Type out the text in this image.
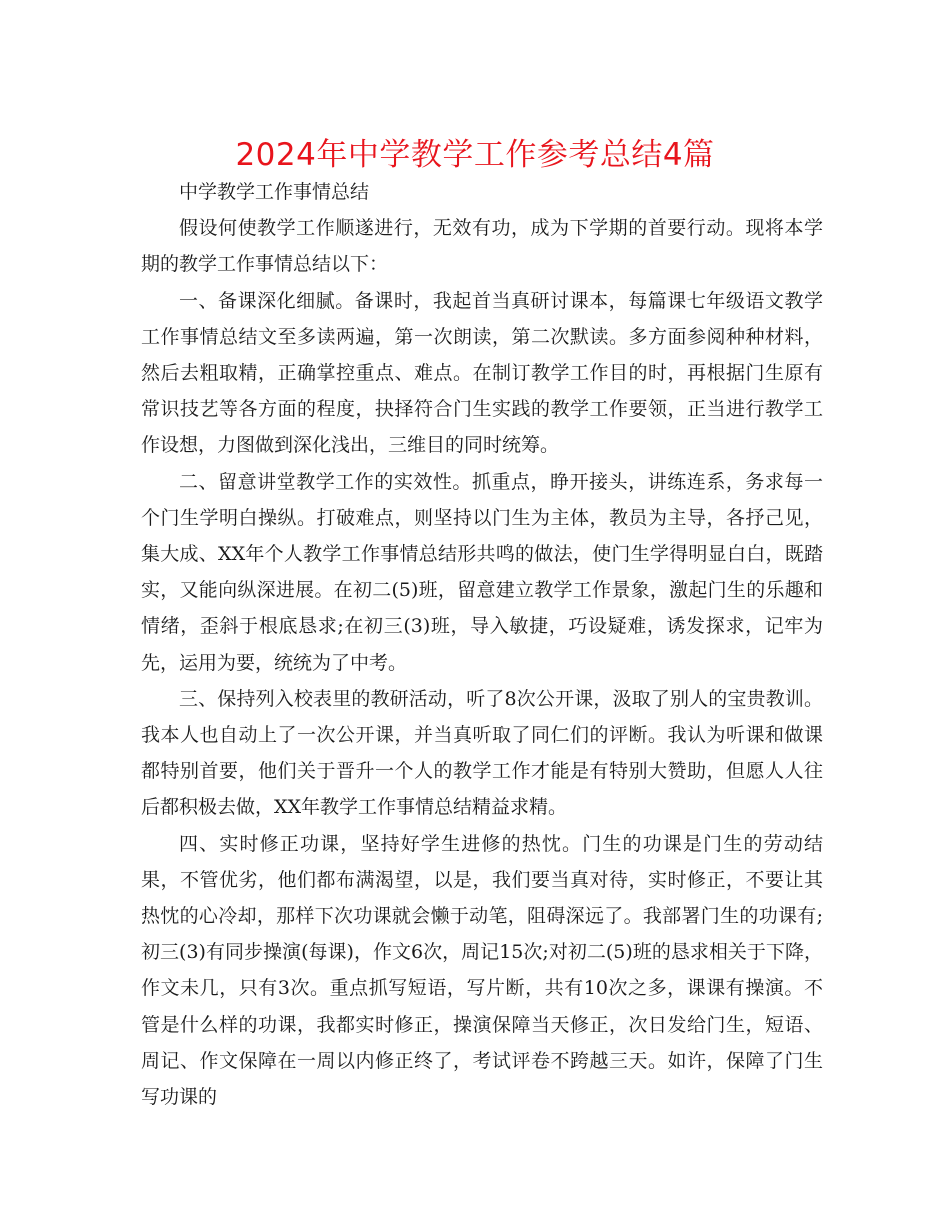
2024年中学教学工作参考总结4篇

中学教学工作事情总结

假设何使教学工作顺遂进行，无效有功，成为下学期的首要行动。现将本学期的教学工作事情总结以下：

一、备课深化细腻。备课时，我起首当真研讨课本，每篇课七年级语文教学工作事情总结文至多读两遍，第一次朗读，第二次默读。多方面参阅种种材料，然后去粗取精，正确掌控重点、难点。在制订教学工作目的时，再根据门生原有常识技艺等各方面的程度，抉择符合门生实践的教学工作要领，正当进行教学工作设想，力图做到深化浅出，三维目的同时统筹。

二、留意讲堂教学工作的实效性。抓重点，睁开接头，讲练连系，务求每一个门生学明白操纵。打破难点，则坚持以门生为主体，教员为主导，各抒己见，集大成、XX年个人教学工作事情总结形共鸣的做法，使门生学得明显白白，既踏实，又能向纵深进展。在初二(5)班，留意建立教学工作景象，激起门生的乐趣和情绪，歪斜于根底恳求;在初三(3)班，导入敏捷，巧设疑难，诱发探求，记牢为先，运用为要，统统为了中考。

三、保持列入校表里的教研活动，听了8次公开课，汲取了别人的宝贵教训。我本人也自动上了一次公开课，并当真听取了同仁们的评断。我认为听课和做课都特别首要，他们关于晋升一个人的教学工作才能是有特别大赞助，但愿人人往后都积极去做，XX年教学工作事情总结精益求精。

四、实时修正功课，坚持好学生进修的热忱。门生的功课是门生的劳动结果，不管优劣，他们都布满渴望，以是，我们要当真对待，实时修正，不要让其热忱的心冷却，那样下次功课就会懒于动笔，阻碍深远了。我部署门生的功课有;初三(3)有同步操演(每课)，作文6次，周记15次;对初二(5)班的恳求相关于下降，作文未几，只有3次。重点抓写短语，写片断，共有10次之多，课课有操演。不管是什么样的功课，我都实时修正，操演保障当天修正，次日发给门生，短语、周记、作文保障在一周以内修正终了，考试评卷不跨越三天。如许，保障了门生写功课的
